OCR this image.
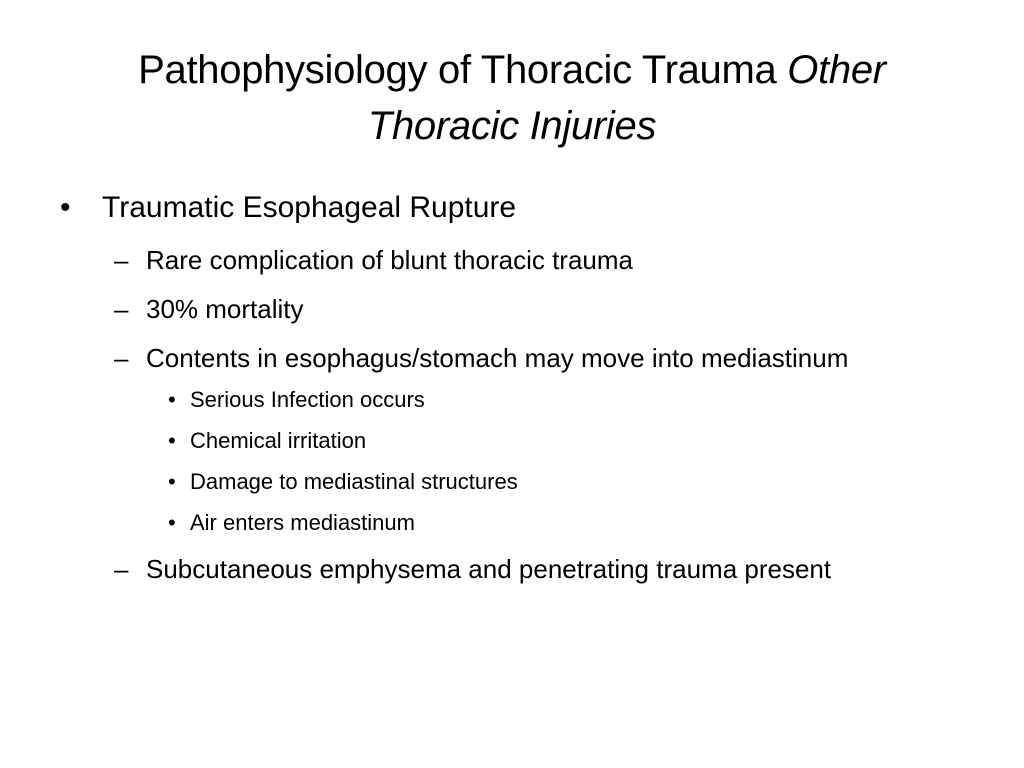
Pathophysiology of Thoracic Trauma Other Thoracic Injuries
•	Traumatic Esophageal Rupture
– Rare complication of blunt thoracic trauma
– 30% mortality
– Contents in esophagus/stomach may move into mediastinum
• Serious Infection occurs
• Chemical irritation
• Damage to mediastinal structures
• Air enters mediastinum
– Subcutaneous emphysema and penetrating trauma present
